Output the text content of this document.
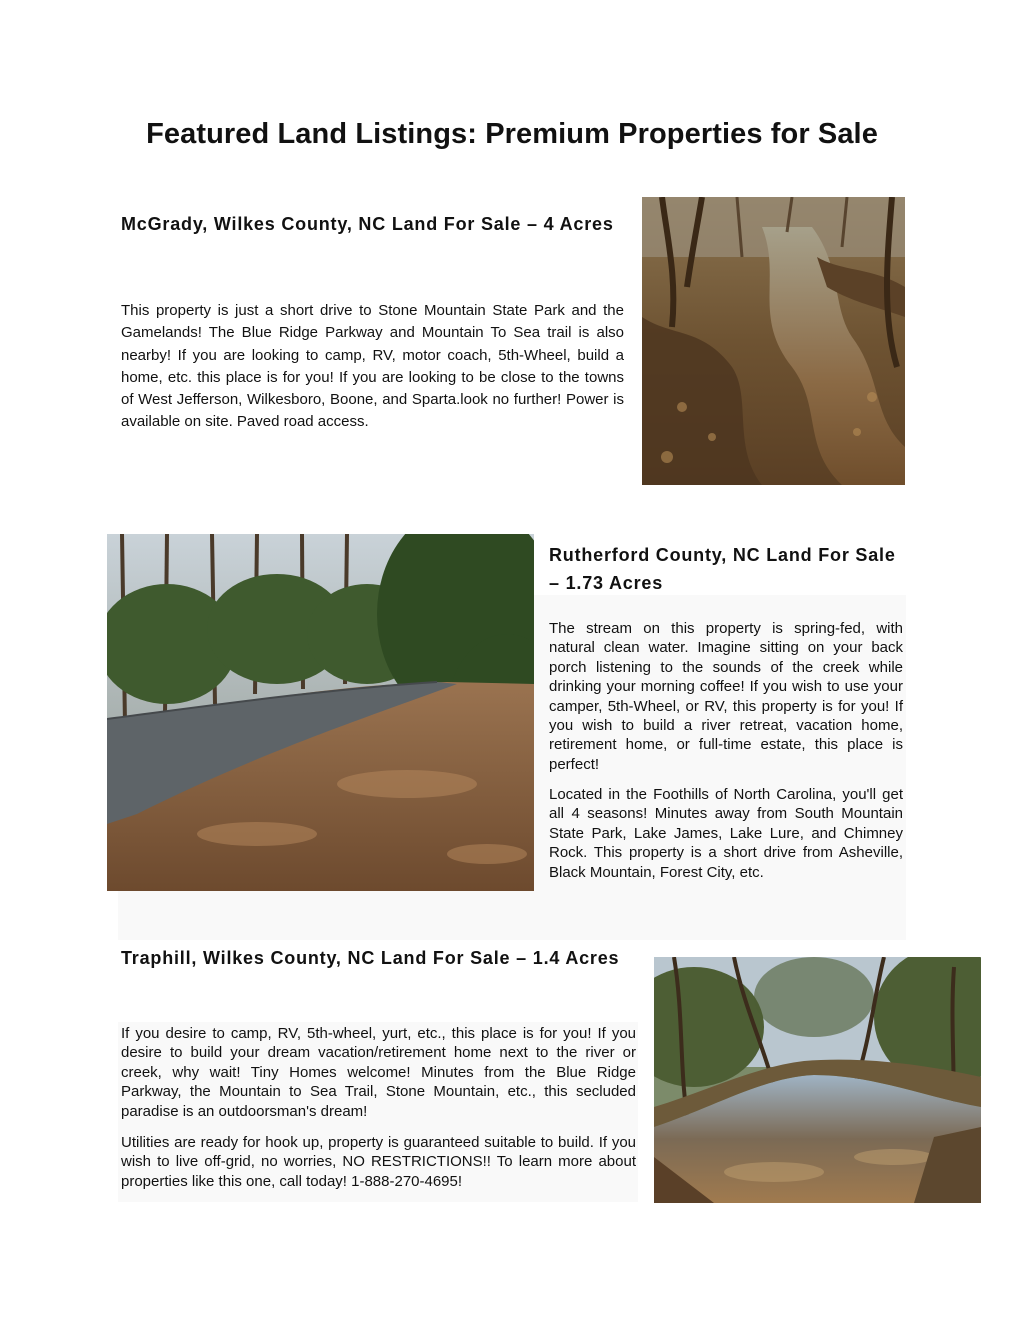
Featured Land Listings: Premium Properties for Sale
McGrady, Wilkes County, NC Land For Sale – 4 Acres

This property is just a short drive to Stone Mountain State Park and the Gamelands! The Blue Ridge Parkway and Mountain To Sea trail is also nearby! If you are looking to camp, RV, motor coach, 5th-Wheel, build a home, etc. this place is for you! If you are looking to be close to the towns of West Jefferson, Wilkesboro, Boone, and Sparta.look no further! Power is available on site. Paved road access.

Rutherford County, NC Land For Sale – 1.73 Acres

The stream on this property is spring-fed, with natural clean water. Imagine sitting on your back porch listening to the sounds of the creek while drinking your morning coffee! If you wish to use your camper, 5th-Wheel, or RV, this property is for you! If you wish to build a river retreat, vacation home, retirement home, or full-time estate, this place is perfect!

Located in the Foothills of North Carolina, you'll get all 4 seasons! Minutes away from South Mountain State Park, Lake James, Lake Lure, and Chimney Rock. This property is a short drive from Asheville, Black Mountain, Forest City, etc.

Traphill, Wilkes County, NC Land For Sale – 1.4 Acres

If you desire to camp, RV, 5th-wheel, yurt, etc., this place is for you! If you desire to build your dream vacation/retirement home next to the river or creek, why wait! Tiny Homes welcome! Minutes from the Blue Ridge Parkway, the Mountain to Sea Trail, Stone Mountain, etc., this secluded paradise is an outdoorsman's dream!

Utilities are ready for hook up, property is guaranteed suitable to build. If you wish to live off-grid, no worries, NO RESTRICTIONS!! To learn more about properties like this one, call today! 1-888-270-4695!
